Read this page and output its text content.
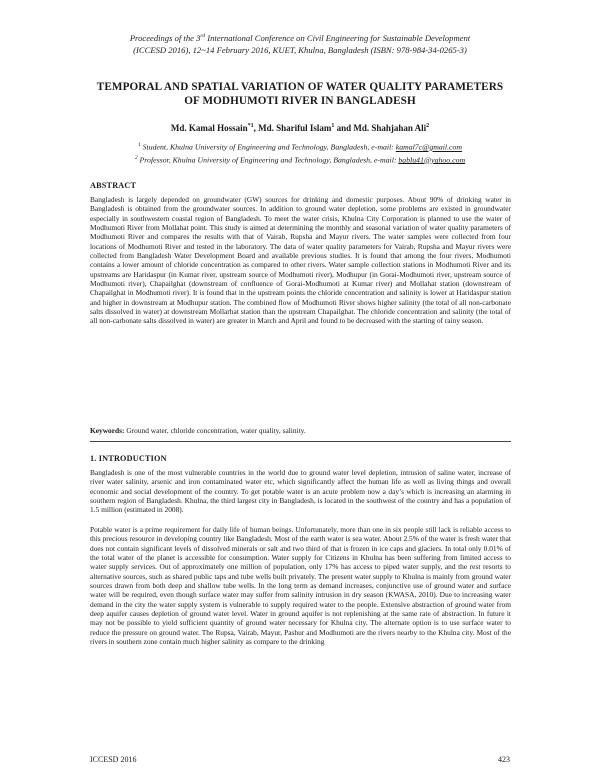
Proceedings of the 3rd International Conference on Civil Engineering for Sustainable Development
(ICCESD 2016), 12~14 February 2016, KUET, Khulna, Bangladesh (ISBN: 978-984-34-0265-3)
TEMPORAL AND SPATIAL VARIATION OF WATER QUALITY PARAMETERS
OF MODHUMOTI RIVER IN BANGLADESH
Md. Kamal Hossain$^{*1}$, Md. Shariful Islam$^1$ and Md. Shahjahan Ali$^2$
$^1$ Student, Khulna University of Engineering and Technology, Bangladesh, e-mail: kamal7c@gmail.com
$^2$ Professor, Khulna University of Engineering and Technology, Bangladesh, e-mail: bablu41@yahoo.com
ABSTRACT

Bangladesh is largely depended on groundwater (GW) sources for drinking and domestic purposes. About 90% of drinking water in Bangladesh is obtained from the groundwater sources. In addition to ground water depletion, some problems are existed in groundwater especially in southwestern coastal region of Bangladesh. To meet the water crisis, Khulna City Corporation is planned to use the water of Modhumoti River from Mollahat point. This study is aimed at determining the monthly and seasonal variation of water quality parameters of Modhumoti River and compares the results with that of Vairab, Rupsha and Mayur rivers. The water samples were collected from four locations of Modhumoti River and tested in the laboratory. The data of water quality parameters for Vairab, Rupsha and Mayur rivers were collected from Bangladesh Water Development Board and available previous studies. It is found that among the four rivers, Modhumoti contains a lower amount of chloride concentration as compared to other rivers. Water sample collection stations in Modhumoti River and its upstreams are Haridaspur (in Kumar river, upstream source of Modhumoti river), Modhupur (in Gorai-Modhumoti river, upstream source of Modhumoti river), Chapailghat (downstream of confluence of Gorai-Modhumoti at Kumar river) and Mollahat station (downstream of Chapailghat in Modhumoti river). It is found that in the upstream points the chloride concentration and salinity is lower at Haridaspur station and higher in downstream at Modhupur station. The combined flow of Modhumoti River shows higher salinity (the total of all non-carbonate salts dissolved in water) at downstream Mollarhat station than the upstream Chapailghat. The chloride concentration and salinity (the total of all non-carbonate salts dissolved in water) are greater in March and April and found to be decreased with the starting of rainy season.

Keywords: Ground water, chloride concentration, water quality, salinity.

1. INTRODUCTION

Bangladesh is one of the most vulnerable countries in the world due to ground water level depletion, intrusion of saline water, increase of river water salinity, arsenic and iron contaminated water etc, which significantly affect the human life as well as living things and overall economic and social development of the country. To get potable water is an acute problem now a day’s which is increasing an alarming in southern region of Bangladesh. Khulna, the third largest city in Bangladesh, is located in the southwest of the country and has a population of 1.5 million (estimated in 2008).

Potable water is a prime requirement for daily life of human beings. Unfortunately, more than one in six people still lack is reliable access to this precious resource in developing country like Bangladesh. Most of the earth water is sea water. About 2.5% of the water is fresh water that does not contain significant levels of dissolved minerals or salt and two third of that is frozen in ice caps and glaciers. In total only 0.01% of the total water of the planet is accessible for consumption. Water supply for Citizens in Khulna has been suffering from limited access to water supply services. Out of approximately one million of population, only 17% has access to piped water supply, and the rest resorts to alternative sources, such as shared public taps and tube wells built privately. The present water supply to Khulna is mainly from ground water sources drawn from both deep and shallow tube wells. In the long term as demand increases, conjunctive use of ground water and surface water will be required, even though surface water may suffer from salinity intrusion in dry season (KWASA, 2010). Due to increasing water demand in the city the water supply system is vulnerable to supply required water to the people. Extensive abstraction of ground water from deep aquifer causes depletion of ground water level. Water in ground aquifer is not replenishing at the same rate of abstraction. In future it may not be possible to yield sufficient quantity of ground water necessary for Khulna city. The alternate option is to use surface water to reduce the pressure on ground water. The Rupsa, Vairab, Mayur, Pashur and Modhumoti are the rivers nearby to the Khulna city. Most of the rivers in southern zone contain much higher salinity as compare to the drinking

ICCESD 2016	423
